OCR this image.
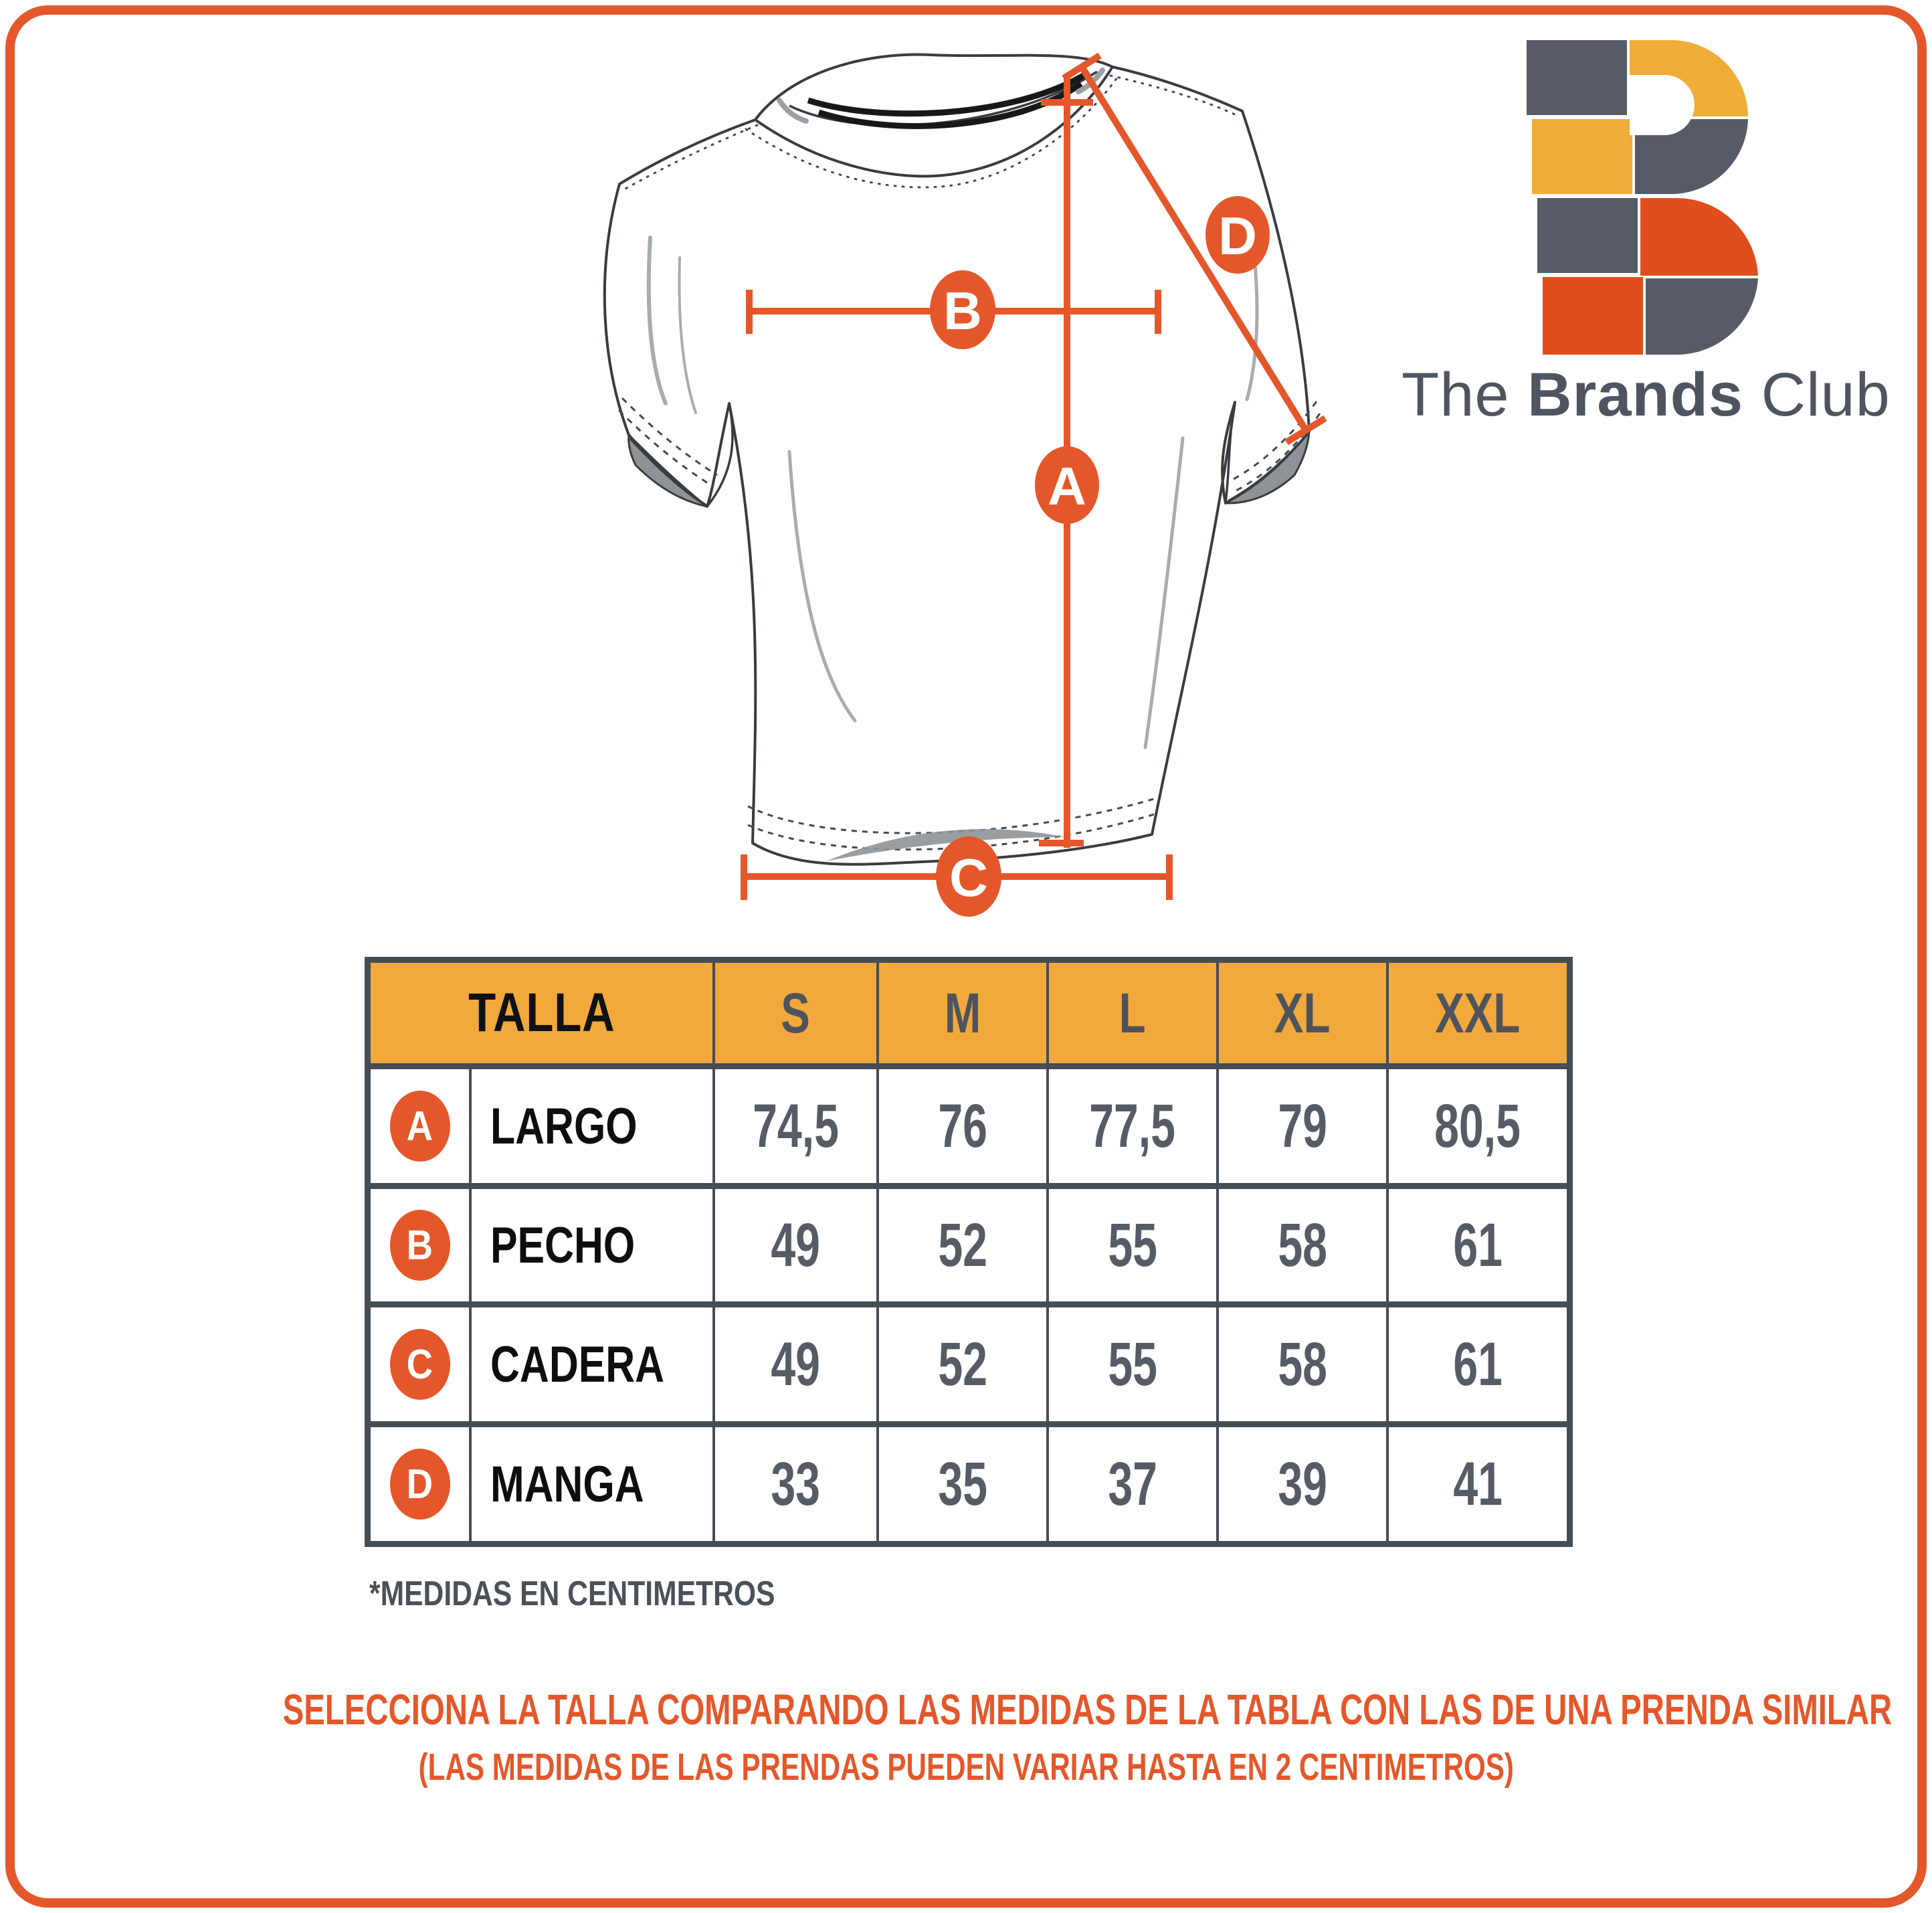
B
A
D
C
The Brands Club
TALLA	S M L XL XXL
A LARGO 74,5 76 77,5 79 80,5
B PECHO 49 52 55 58 61
C CADERA 49 52 55 58 61
D MANGA 33 35 37 39 41
*MEDIDAS EN CENTIMETROS
SELECCIONA LA TALLA COMPARANDO LAS MEDIDAS DE LA TABLA CON LAS DE UNA PRENDA SIMILAR
(LAS MEDIDAS DE LAS PRENDAS PUEDEN VARIAR HASTA EN 2 CENTIMETROS)
